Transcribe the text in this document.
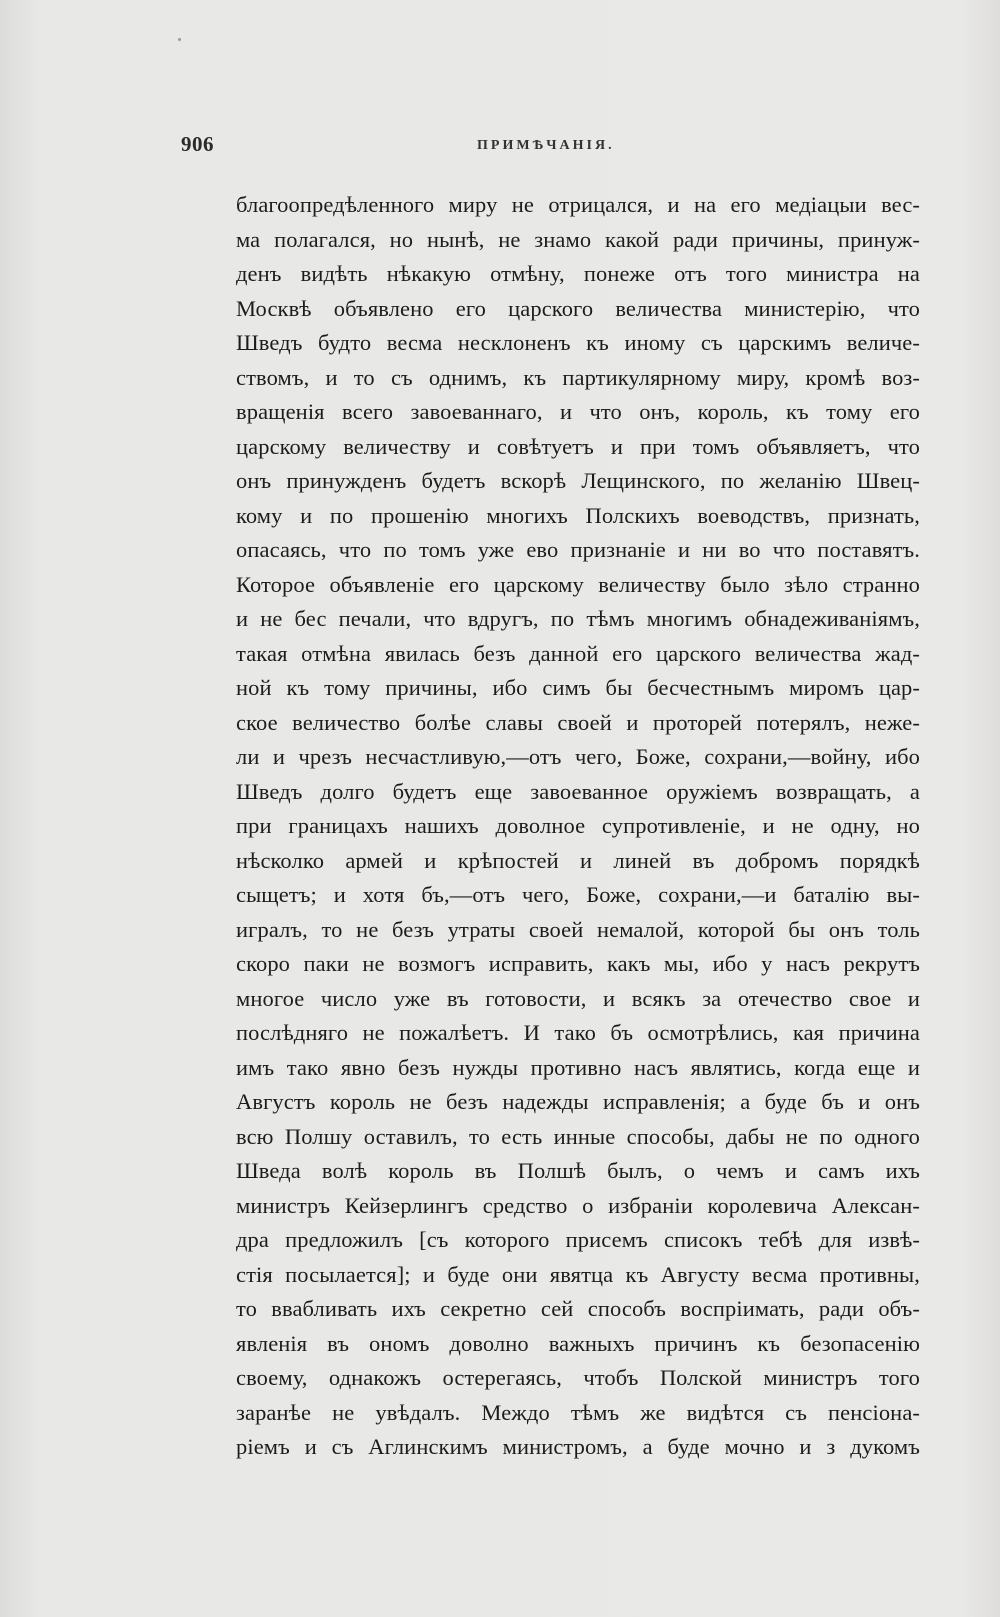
906	ПРИМѢЧАНІЯ.
благоопредѣленного миру не отрицался, и на его медіацыи вес-
ма полагался, но нынѣ, не знамо какой ради причины, принуж-
денъ видѣть нѣкакую отмѣну, понеже отъ того министра на
Москвѣ объявлено его царского величества министерію, что
Шведъ будто весма несклоненъ къ иному съ царскимъ величе-
ствомъ, и то съ однимъ, къ партикулярному миру, кромѣ воз-
вращенія всего завоеваннаго, и что онъ, король, къ тому его
царскому величеству и совѣтуетъ и при томъ объявляетъ, что
онъ принужденъ будетъ вскорѣ Лещинского, по желанію Швец-
кому и по прошенію многихъ Полскихъ воеводствъ, признать,
опасаясь, что по томъ уже ево признаніе и ни во что поставятъ.
Которое объявленіе его царскому величеству было зѣло странно
и не бес печали, что вдругъ, по тѣмъ многимъ обнадеживаніямъ,
такая отмѣна явилась безъ данной его царского величества жад-
ной къ тому причины, ибо симъ бы бесчестнымъ миромъ цар-
ское величество болѣе славы своей и проторей потерялъ, неже-
ли и чрезъ несчастливую,—отъ чего, Боже, сохрани,—войну, ибо
Шведъ долго будетъ еще завоеванное оружіемъ возвращать, а
при границахъ нашихъ доволное супротивленіе, и не одну, но
нѣсколко армей и крѣпостей и линей въ добромъ порядкѣ
сыщетъ; и хотя бъ,—отъ чего, Боже, сохрани,—и баталію вы-
игралъ, то не безъ утраты своей немалой, которой бы онъ толь
скоро паки не возмогъ исправить, какъ мы, ибо у насъ рекрутъ
многое число уже въ готовости, и всякъ за отечество свое и
послѣдняго не пожалѣетъ. И тако бъ осмотрѣлись, кая причина
имъ тако явно безъ нужды противно насъ являтись, когда еще и
Августъ король не безъ надежды исправленія; а буде бъ и онъ
всю Полшу оставилъ, то есть инные способы, дабы не по одного
Шведа волѣ король въ Полшѣ былъ, о чемъ и самъ ихъ
министръ Кейзерлингъ средство о избраніи королевича Алексан-
дра предложилъ [съ которого присемъ списокъ тебѣ для извѣ-
стія посылается]; и буде они явятца къ Августу весма противны,
то ввабливать ихъ секретно сей способъ воспріимать, ради объ-
явленія въ ономъ доволно важныхъ причинъ къ безопасенію
своему, однакожъ остерегаясь, чтобъ Полской министръ того
заранѣе не увѣдалъ. Междо тѣмъ же видѣтся съ пенсіона-
ріемъ и съ Аглинскимъ министромъ, а буде мочно и з дукомъ
